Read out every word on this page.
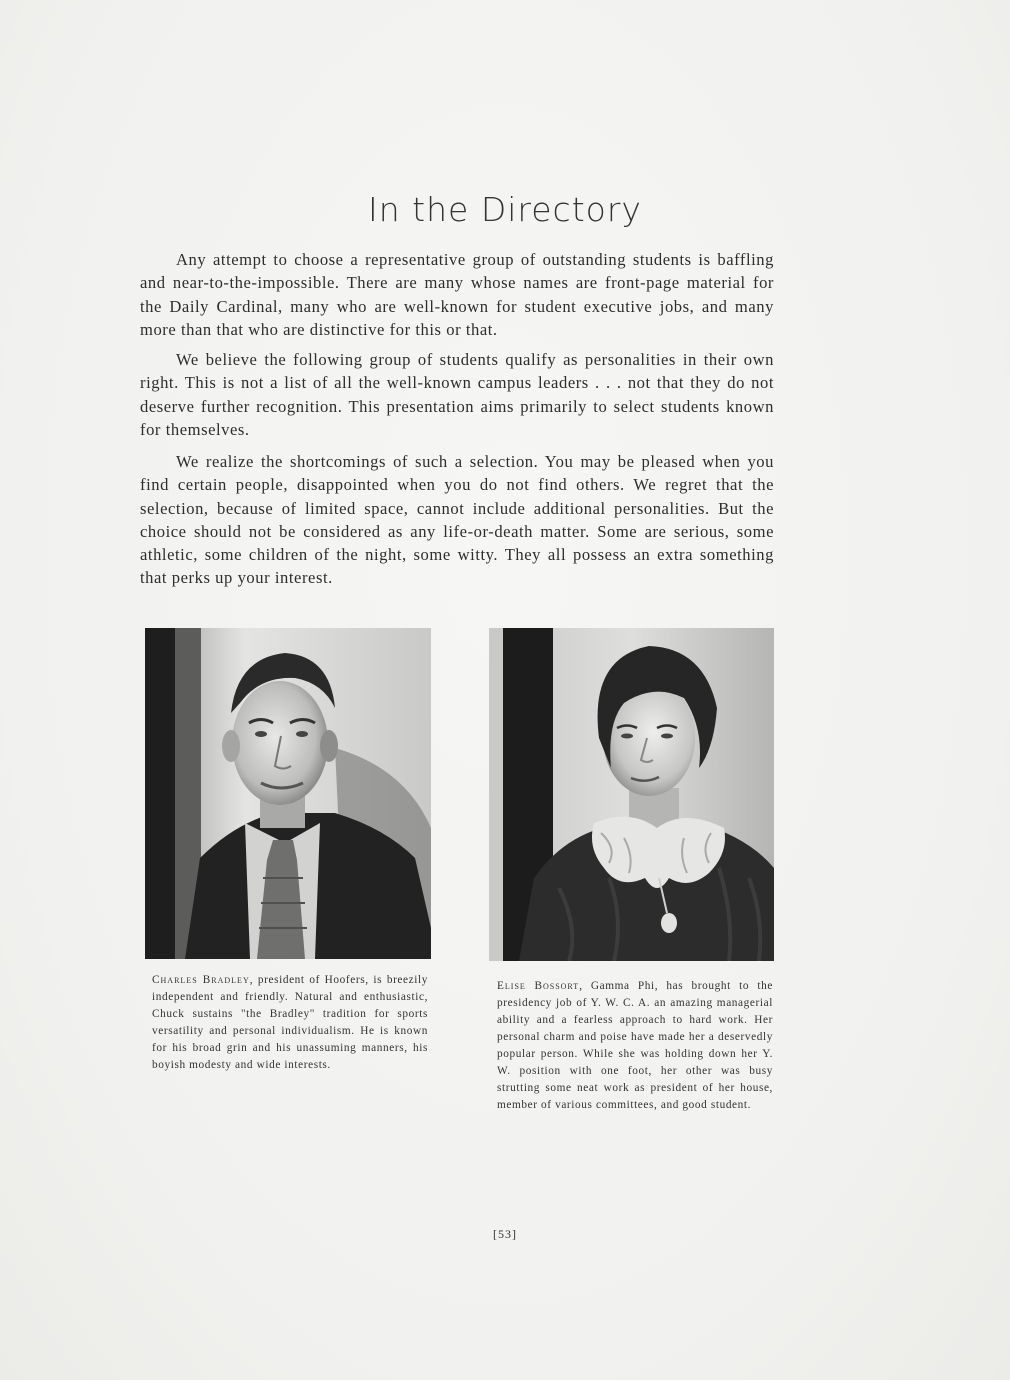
In the Directory

Any attempt to choose a representative group of outstanding students is baffling and near-to-the-impossible. There are many whose names are front-page material for the Daily Cardinal, many who are well-known for student executive jobs, and many more than that who are distinctive for this or that.

We believe the following group of students qualify as personalities in their own right. This is not a list of all the well-known campus leaders . . . not that they do not deserve further recognition. This presentation aims primarily to select students known for themselves.

We realize the shortcomings of such a selection. You may be pleased when you find certain people, disappointed when you do not find others. We regret that the selection, because of limited space, cannot include additional personalities. But the choice should not be considered as any life-or-death matter. Some are serious, some athletic, some children of the night, some witty. They all possess an extra something that perks up your interest.

Charles Bradley, president of Hoofers, is breezily independent and friendly. Natural and enthusiastic, Chuck sustains "the Bradley" tradition for sports versatility and personal individualism. He is known for his broad grin and his unassuming manners, his boyish modesty and wide interests.

Elise Bossort, Gamma Phi, has brought to the presidency job of Y. W. C. A. an amazing managerial ability and a fearless approach to hard work. Her personal charm and poise have made her a deservedly popular person. While she was holding down her Y. W. position with one foot, her other was busy strutting some neat work as president of her house, member of various committees, and good student.

[53]
